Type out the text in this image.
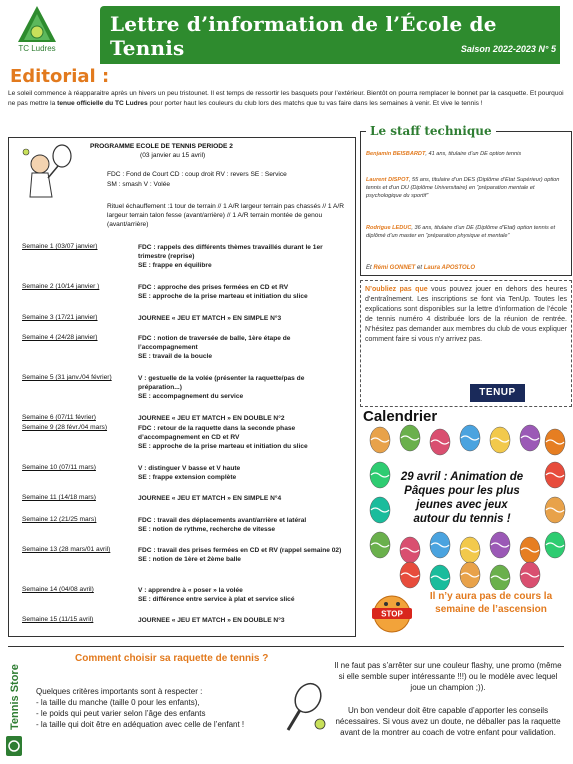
TC Ludres
Lettre d’information de l’École de Tennis	Saison 2022-2023 N° 5
Editorial :
Le soleil commence à réapparaitre après un hivers un peu tristounet. Il est temps de ressortir les basquets pour l’extérieur. Bientôt on pourra remplacer le bonnet par la casquette. Et pourquoi ne pas mettre la tenue officielle du TC Ludres pour porter haut les couleurs du club lors des matchs que tu vas faire dans les semaines à venir. Et vive le tennis !
PROGRAMME ECOLE DE TENNIS PERIODE 2
(03 janvier au 15 avril)
FDC : Fond de Court CD : coup droit RV : revers SE : Service
SM : smash V : Volée
Rituel échauffement :1 tour de terrain // 1 A/R largeur terrain pas chassés // 1 A/R largeur terrain talon fesse (avant/arrière) // 1 A/R terrain montée de genou (avant/arrière)
Semaine 1 (03/07 janvier)	FDC : rappels des différents thèmes travaillés durant le 1er trimestre (reprise)
SE : frappe en équilibre
Semaine 2 (10/14 janvier )	FDC : approche des prises fermées en CD et RV
SE : approche de la prise marteau et initiation du slice
Semaine 3 (17/21 janvier)	JOURNEE « JEU ET MATCH » EN SIMPLE N°3
Semaine 4 (24/28 janvier)	FDC : notion de traversée de balle, 1ère étape de l’accompagnement
SE : travail de la boucle
Semaine 5 (31 janv./04 février)	V : gestuelle de la volée (présenter la raquette/pas de préparation...)
SE : accompagnement du service
Semaine 6 (07/11 février)	JOURNEE « JEU ET MATCH » EN DOUBLE N°2
Semaine 9 (28 févr./04 mars)	FDC : retour de la raquette dans la seconde phase d’accompagnement en CD et RV
SE : approche de la prise marteau et initiation du slice
Semaine 10 (07/11 mars)	V : distinguer V basse et V haute
SE : frappe extension complète
Semaine 11 (14/18 mars)	JOURNEE « JEU ET MATCH » EN SIMPLE N°4
Semaine 12 (21/25 mars)	FDC : travail des déplacements avant/arrière et latéral
SE : notion de rythme, recherche de vitesse
Semaine 13 (28 mars/01 avril)	FDC : travail des prises fermées en CD et RV (rappel semaine 02)
SE : notion de 1ère et 2ème balle
Semaine 14 (04/08 avril)	V : apprendre à « poser » la volée
SE : différence entre service à plat et service slicé
Semaine 15 (11/15 avril)	JOURNEE « JEU ET MATCH » EN DOUBLE N°3
Le staff technique
Benjamin BEISBARDT, 41 ans, titulaire d’un DE option tennis
Laurent DISPOT, 55 ans, titulaire d’un DES (Diplôme d’Etat Supérieur) option tennis et d’un DU (Diplôme Universitaire) en “préparation mentale et psychologique du sportif”
Rodrigue LEDUC, 36 ans, titulaire d’un DE (Diplôme d’Etat) option tennis et diplômé d’un master en “préparation physique et mentale”
Et Rémi GONNET et Laura APOSTOLO
N’oubliez pas que vous pouvez jouer en dehors des heures d’entraînement. Les inscriptions se font via TenUp. Toutes les explications sont disponibles sur la lettre d’information de l’école de tennis numéro 4 distribuée lors de la réunion de rentrée. N’hésitez pas demander aux membres du club de vous expliquer comment faire si vous n’y arrivez pas.
TENUP
Calendrier
29 avril : Animation de Pâques pour les plus jeunes avec jeux autour du tennis !
STOP
Il n’y aura pas de cours la semaine de l’ascension
Comment choisir sa raquette de tennis ?
Tennis Store Quelques critères importants sont à respecter :
- la taille du manche (taille 0 pour les enfants),
- le poids qui peut varier selon l’âge des enfants
- la taille qui doit être en adéquation avec celle de l’enfant !
Il ne faut pas s’arrêter sur une couleur flashy, une promo (même si elle semble super intéressante !!!) ou le modèle avec lequel joue un champion ;)).
Un bon vendeur doit être capable d’apporter les conseils nécessaires. Si vous avez un doute, ne déballer pas la raquette avant de la montrer au coach de votre enfant pour validation.
